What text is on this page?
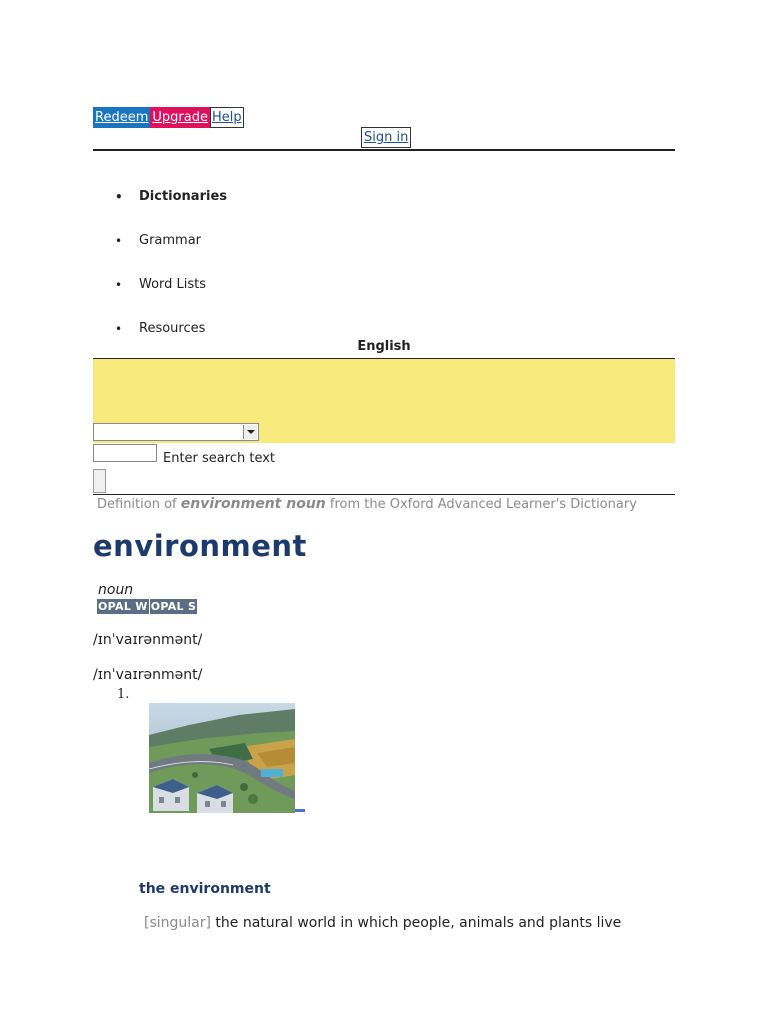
Redeem Upgrade Help
Sign in
• Dictionaries
• Grammar
• Word Lists
• Resources
English
Enter search text
Definition of environment noun from the Oxford Advanced Learner's Dictionary
environment
noun
OPAL W OPAL S
/ɪnˈvaɪrənmənt/
/ɪnˈvaɪrənmənt/
1.
the environment
[singular] the natural world in which people, animals and plants live
